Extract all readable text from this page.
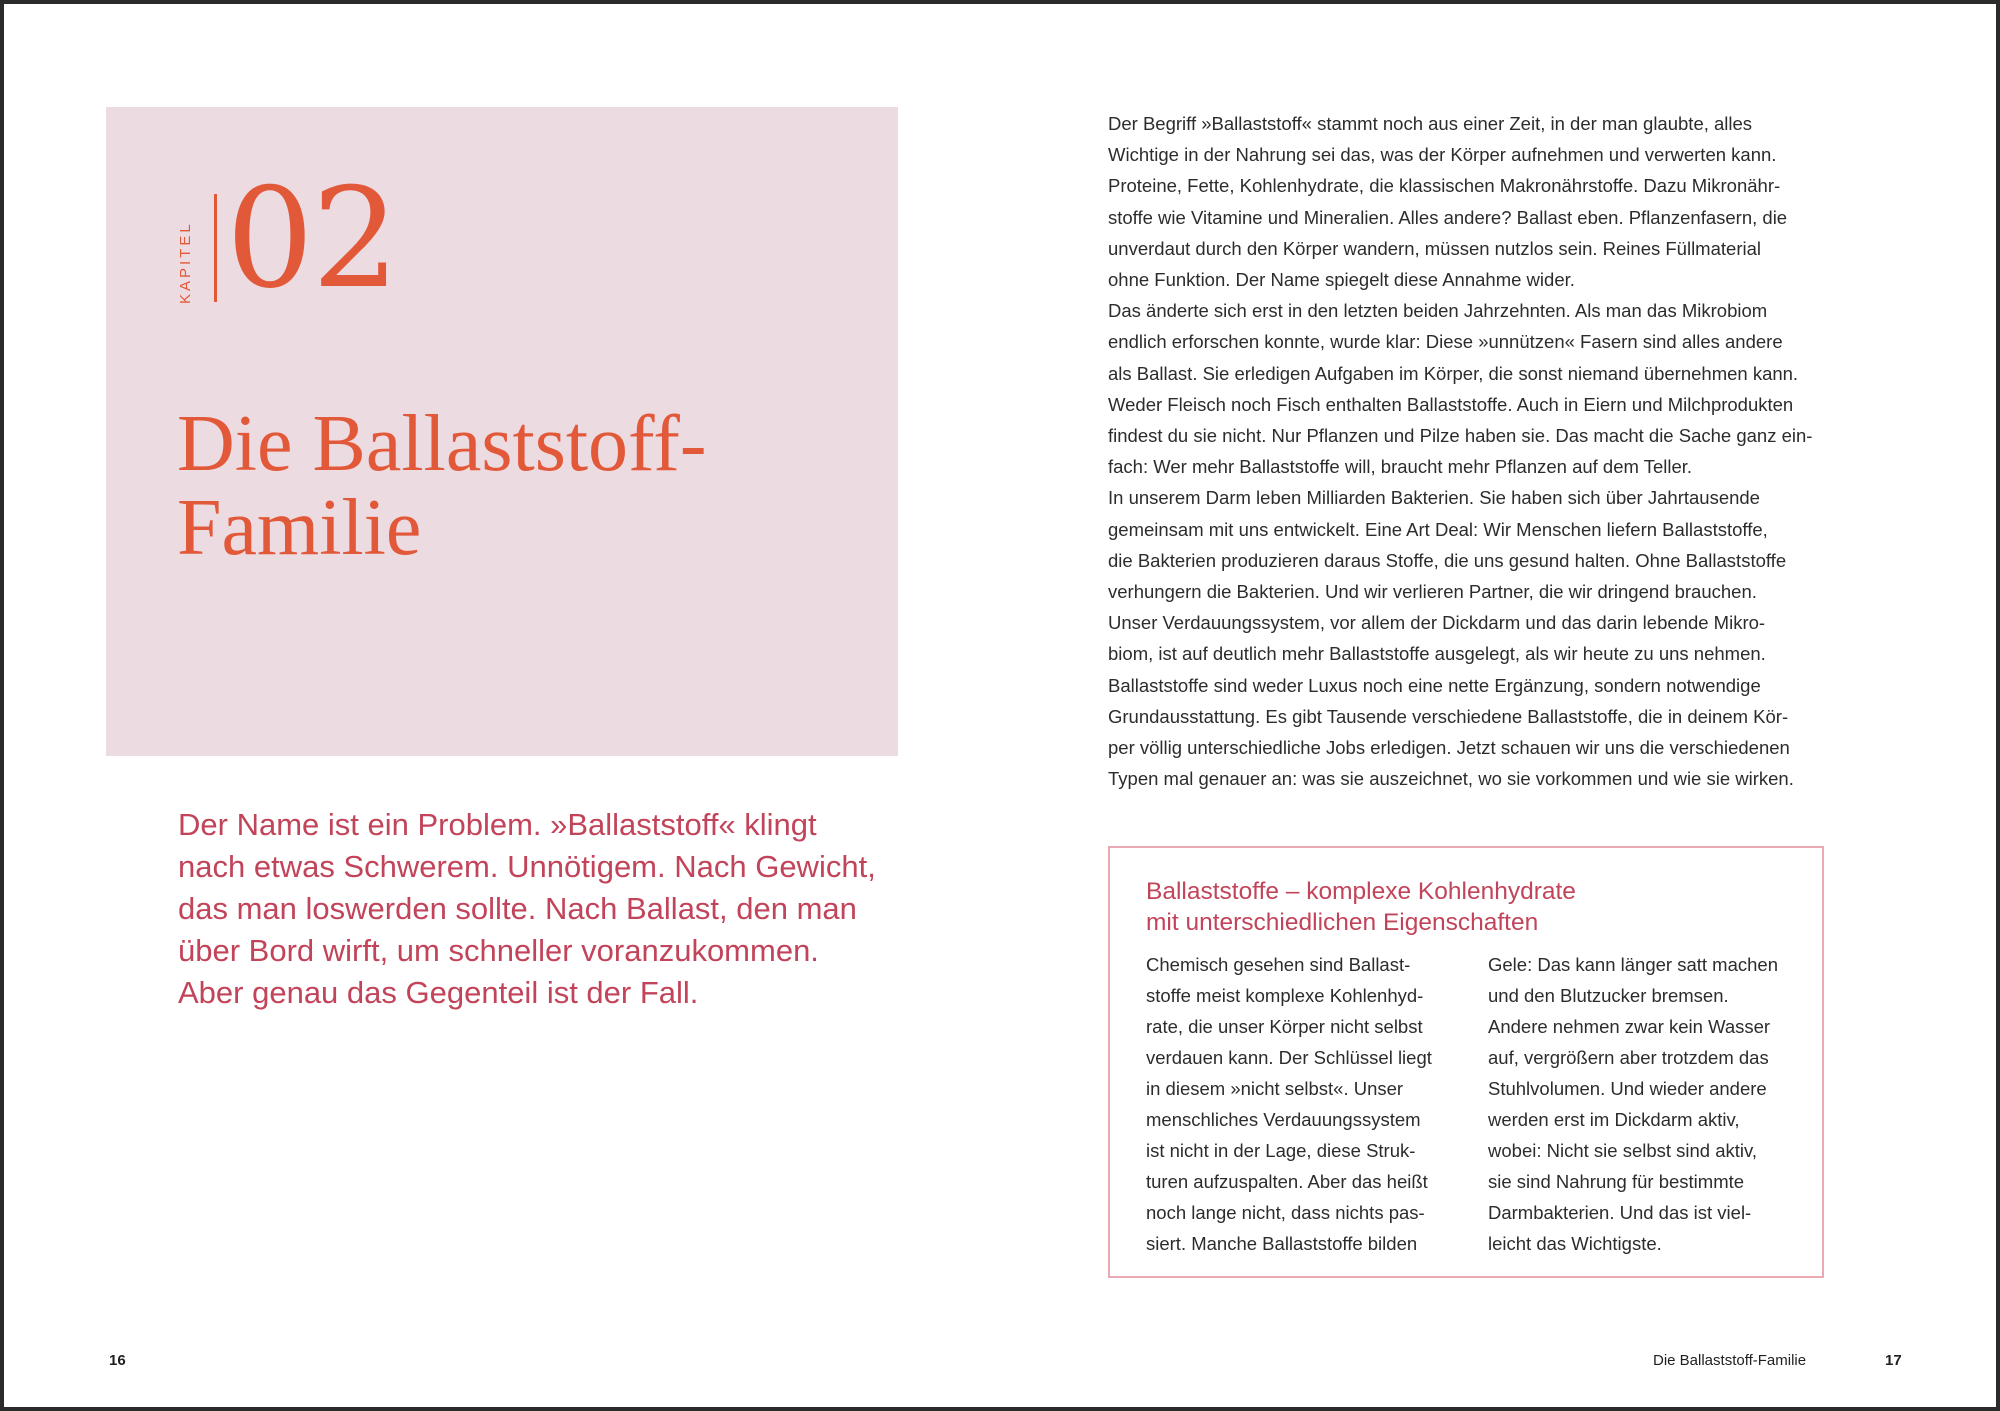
KAPITEL 02
Die Ballaststoff-
Familie

Der Name ist ein Problem. »Ballaststoff« klingt
nach etwas Schwerem. Unnötigem. Nach Gewicht,
das man loswerden sollte. Nach Ballast, den man
über Bord wirft, um schneller voranzukommen.
Aber genau das Gegenteil ist der Fall.

Der Begriff »Ballaststoff« stammt noch aus einer Zeit, in der man glaubte, alles
Wichtige in der Nahrung sei das, was der Körper aufnehmen und verwerten kann.
Proteine, Fette, Kohlenhydrate, die klassischen Makronährstoffe. Dazu Mikronähr-
stoffe wie Vitamine und Mineralien. Alles andere? Ballast eben. Pflanzenfasern, die
unverdaut durch den Körper wandern, müssen nutzlos sein. Reines Füllmaterial
ohne Funktion. Der Name spiegelt diese Annahme wider.
Das änderte sich erst in den letzten beiden Jahrzehnten. Als man das Mikrobiom
endlich erforschen konnte, wurde klar: Diese »unnützen« Fasern sind alles andere
als Ballast. Sie erledigen Aufgaben im Körper, die sonst niemand übernehmen kann.
Weder Fleisch noch Fisch enthalten Ballaststoffe. Auch in Eiern und Milchprodukten
findest du sie nicht. Nur Pflanzen und Pilze haben sie. Das macht die Sache ganz ein-
fach: Wer mehr Ballaststoffe will, braucht mehr Pflanzen auf dem Teller.
In unserem Darm leben Milliarden Bakterien. Sie haben sich über Jahrtausende
gemeinsam mit uns entwickelt. Eine Art Deal: Wir Menschen liefern Ballaststoffe,
die Bakterien produzieren daraus Stoffe, die uns gesund halten. Ohne Ballaststoffe
verhungern die Bakterien. Und wir verlieren Partner, die wir dringend brauchen.
Unser Verdauungssystem, vor allem der Dickdarm und das darin lebende Mikro-
biom, ist auf deutlich mehr Ballaststoffe ausgelegt, als wir heute zu uns nehmen.
Ballaststoffe sind weder Luxus noch eine nette Ergänzung, sondern notwendige
Grundausstattung. Es gibt Tausende verschiedene Ballaststoffe, die in deinem Kör-
per völlig unterschiedliche Jobs erledigen. Jetzt schauen wir uns die verschiedenen
Typen mal genauer an: was sie auszeichnet, wo sie vorkommen und wie sie wirken.
Ballaststoffe – komplexe Kohlenhydrate
mit unterschiedlichen Eigenschaften
Chemisch gesehen sind Ballast-
stoffe meist komplexe Kohlenhyd-
rate, die unser Körper nicht selbst
verdauen kann. Der Schlüssel liegt
in diesem »nicht selbst«. Unser
menschliches Verdauungssystem
ist nicht in der Lage, diese Struk-
turen aufzuspalten. Aber das heißt
noch lange nicht, dass nichts pas-
siert. Manche Ballaststoffe bilden
Gele: Das kann länger satt machen
und den Blutzucker bremsen.
Andere nehmen zwar kein Wasser
auf, vergrößern aber trotzdem das
Stuhlvolumen. Und wieder andere
werden erst im Dickdarm aktiv,
wobei: Nicht sie selbst sind aktiv,
sie sind Nahrung für bestimmte
Darmbakterien. Und das ist viel-
leicht das Wichtigste.
16	Die Ballaststoff-Familie	17
